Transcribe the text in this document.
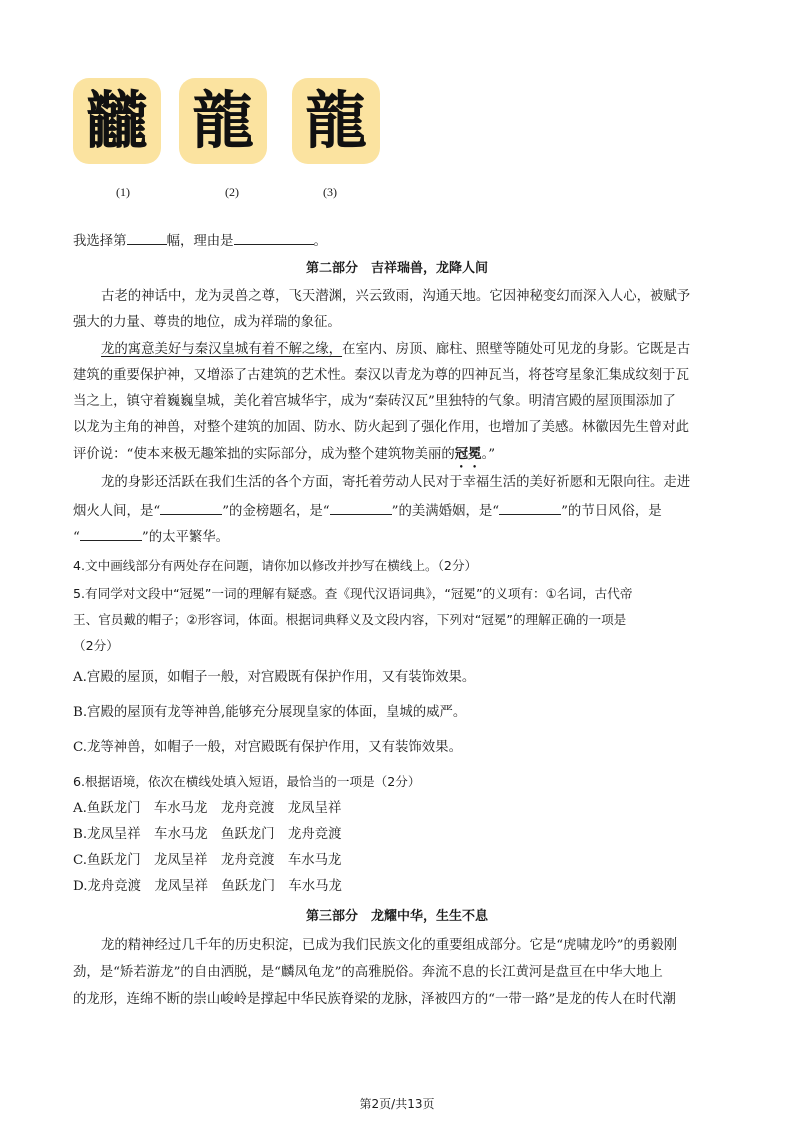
龖 龍 龍
(1)	(2)	(3)
我选择第	幅，理由是	。
第二部分　吉祥瑞兽，龙降人间
古老的神话中，龙为灵兽之尊，飞天潜渊，兴云致雨，沟通天地。它因神秘变幻而深入人心，被赋予
强大的力量、尊贵的地位，成为祥瑞的象征。
龙的寓意美好与秦汉皇城有着不解之缘，在室内、房顶、廊柱、照壁等随处可见龙的身影。它既是古
建筑的重要保护神，又增添了古建筑的艺术性。秦汉以青龙为尊的四神瓦当，将苍穹星象汇集成纹刻于瓦
当之上，镇守着巍巍皇城，美化着宫城华宇，成为“秦砖汉瓦”里独特的气象。明清宫殿的屋顶围添加了
以龙为主角的神兽，对整个建筑的加固、防水、防火起到了强化作用，也增加了美感。林徽因先生曾对此
评价说：“使本来极无趣笨拙的实际部分，成为整个建筑物美丽的冠冕。”
龙的身影还活跃在我们生活的各个方面，寄托着劳动人民对于幸福生活的美好祈愿和无限向往。走进
烟火人间，是“	”的金榜题名，是“	”的美满婚姻，是“	”的节日风俗，是
“	”的太平繁华。
4.文中画线部分有两处存在问题，请你加以修改并抄写在横线上。（2分）
5.有同学对文段中“冠冕”一词的理解有疑惑。查《现代汉语词典》，“冠冕”的义项有：①名词，古代帝
王、官员戴的帽子；②形容词，体面。根据词典释义及文段内容，下列对“冠冕”的理解正确的一项是
（2分）
A.宫殿的屋顶，如帽子一般，对宫殿既有保护作用，又有装饰效果。
B.宫殿的屋顶有龙等神兽,能够充分展现皇家的体面，皇城的威严。
C.龙等神兽，如帽子一般，对宫殿既有保护作用，又有装饰效果。
6.根据语境，依次在横线处填入短语，最恰当的一项是（2分）
A.鱼跃龙门　车水马龙　龙舟竞渡　龙凤呈祥
B.龙凤呈祥　车水马龙　鱼跃龙门　龙舟竞渡
C.鱼跃龙门　龙凤呈祥　龙舟竞渡　车水马龙
D.龙舟竞渡　龙凤呈祥　鱼跃龙门　车水马龙
第三部分　龙耀中华，生生不息
龙的精神经过几千年的历史积淀，已成为我们民族文化的重要组成部分。它是“虎啸龙吟”的勇毅刚
劲，是“矫若游龙”的自由洒脱，是“麟凤龟龙”的高雅脱俗。奔流不息的长江黄河是盘亘在中华大地上
的龙形，连绵不断的崇山峻岭是撑起中华民族脊梁的龙脉，泽被四方的“一带一路”是龙的传人在时代潮
第2页/共13页
